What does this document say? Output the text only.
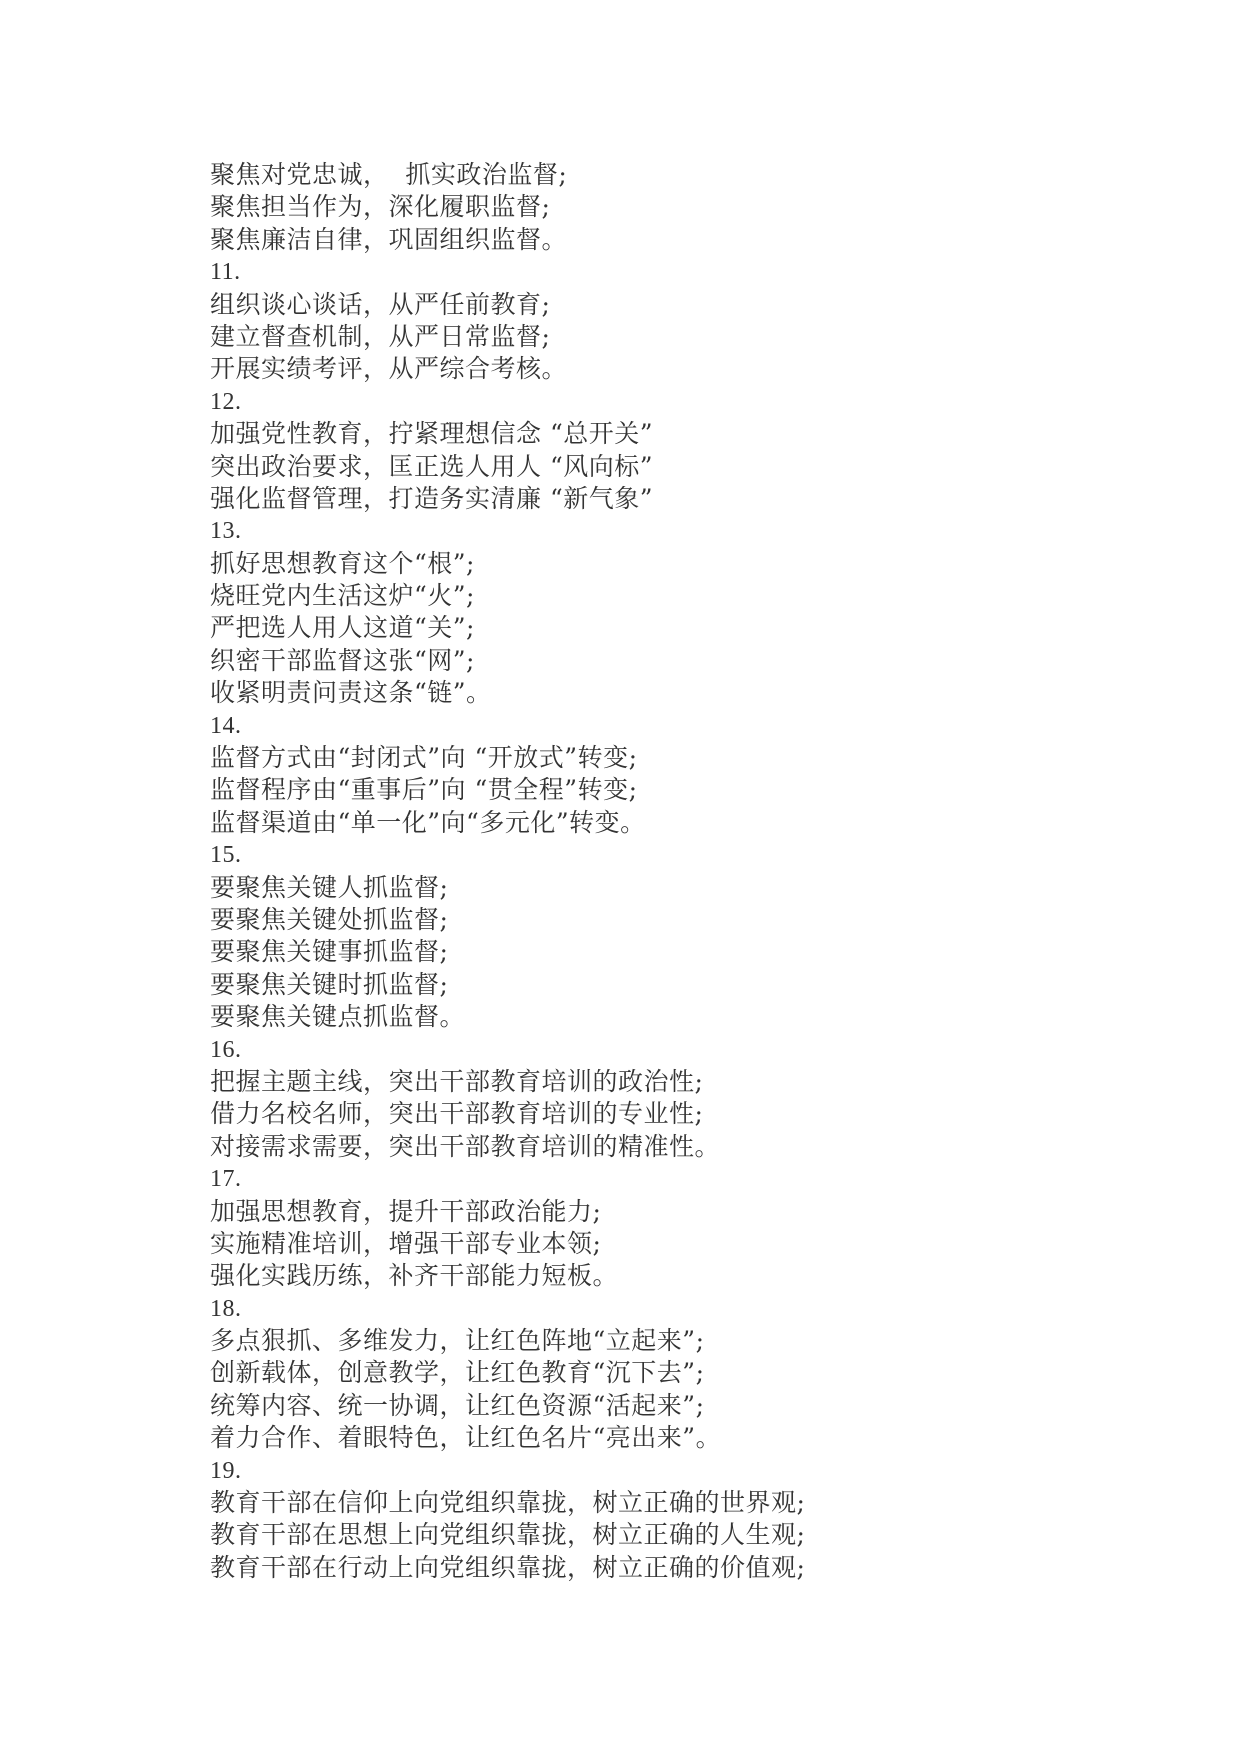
聚焦对党忠诚，  抓实政治监督;
聚焦担当作为，深化履职监督;
聚焦廉洁自律，巩固组织监督。
11.
组织谈心谈话，从严任前教育;
建立督查机制，从严日常监督;
开展实绩考评，从严综合考核。
12.
加强党性教育，拧紧理想信念 “总开关”
突出政治要求，匡正选人用人 “风向标”
强化监督管理，打造务实清廉 “新气象”
13.
抓好思想教育这个“根”;
烧旺党内生活这炉“火”;
严把选人用人这道“关”;
织密干部监督这张“网”;
收紧明责问责这条“链”。
14.
监督方式由“封闭式”向 “开放式”转变;
监督程序由“重事后”向 “贯全程”转变;
监督渠道由“单一化”向“多元化”转变。
15.
要聚焦关键人抓监督;
要聚焦关键处抓监督;
要聚焦关键事抓监督;
要聚焦关键时抓监督;
要聚焦关键点抓监督。
16.
把握主题主线，突出干部教育培训的政治性;
借力名校名师，突出干部教育培训的专业性;
对接需求需要，突出干部教育培训的精准性。
17.
加强思想教育，提升干部政治能力;
实施精准培训，增强干部专业本领;
强化实践历练，补齐干部能力短板。
18.
多点狠抓、多维发力，让红色阵地“立起来”;
创新载体，创意教学，让红色教育“沉下去”;
统筹内容、统一协调，让红色资源“活起来”;
着力合作、着眼特色，让红色名片“亮出来”。
19.
教育干部在信仰上向党组织靠拢，树立正确的世界观;
教育干部在思想上向党组织靠拢，树立正确的人生观;
教育干部在行动上向党组织靠拢，树立正确的价值观;
